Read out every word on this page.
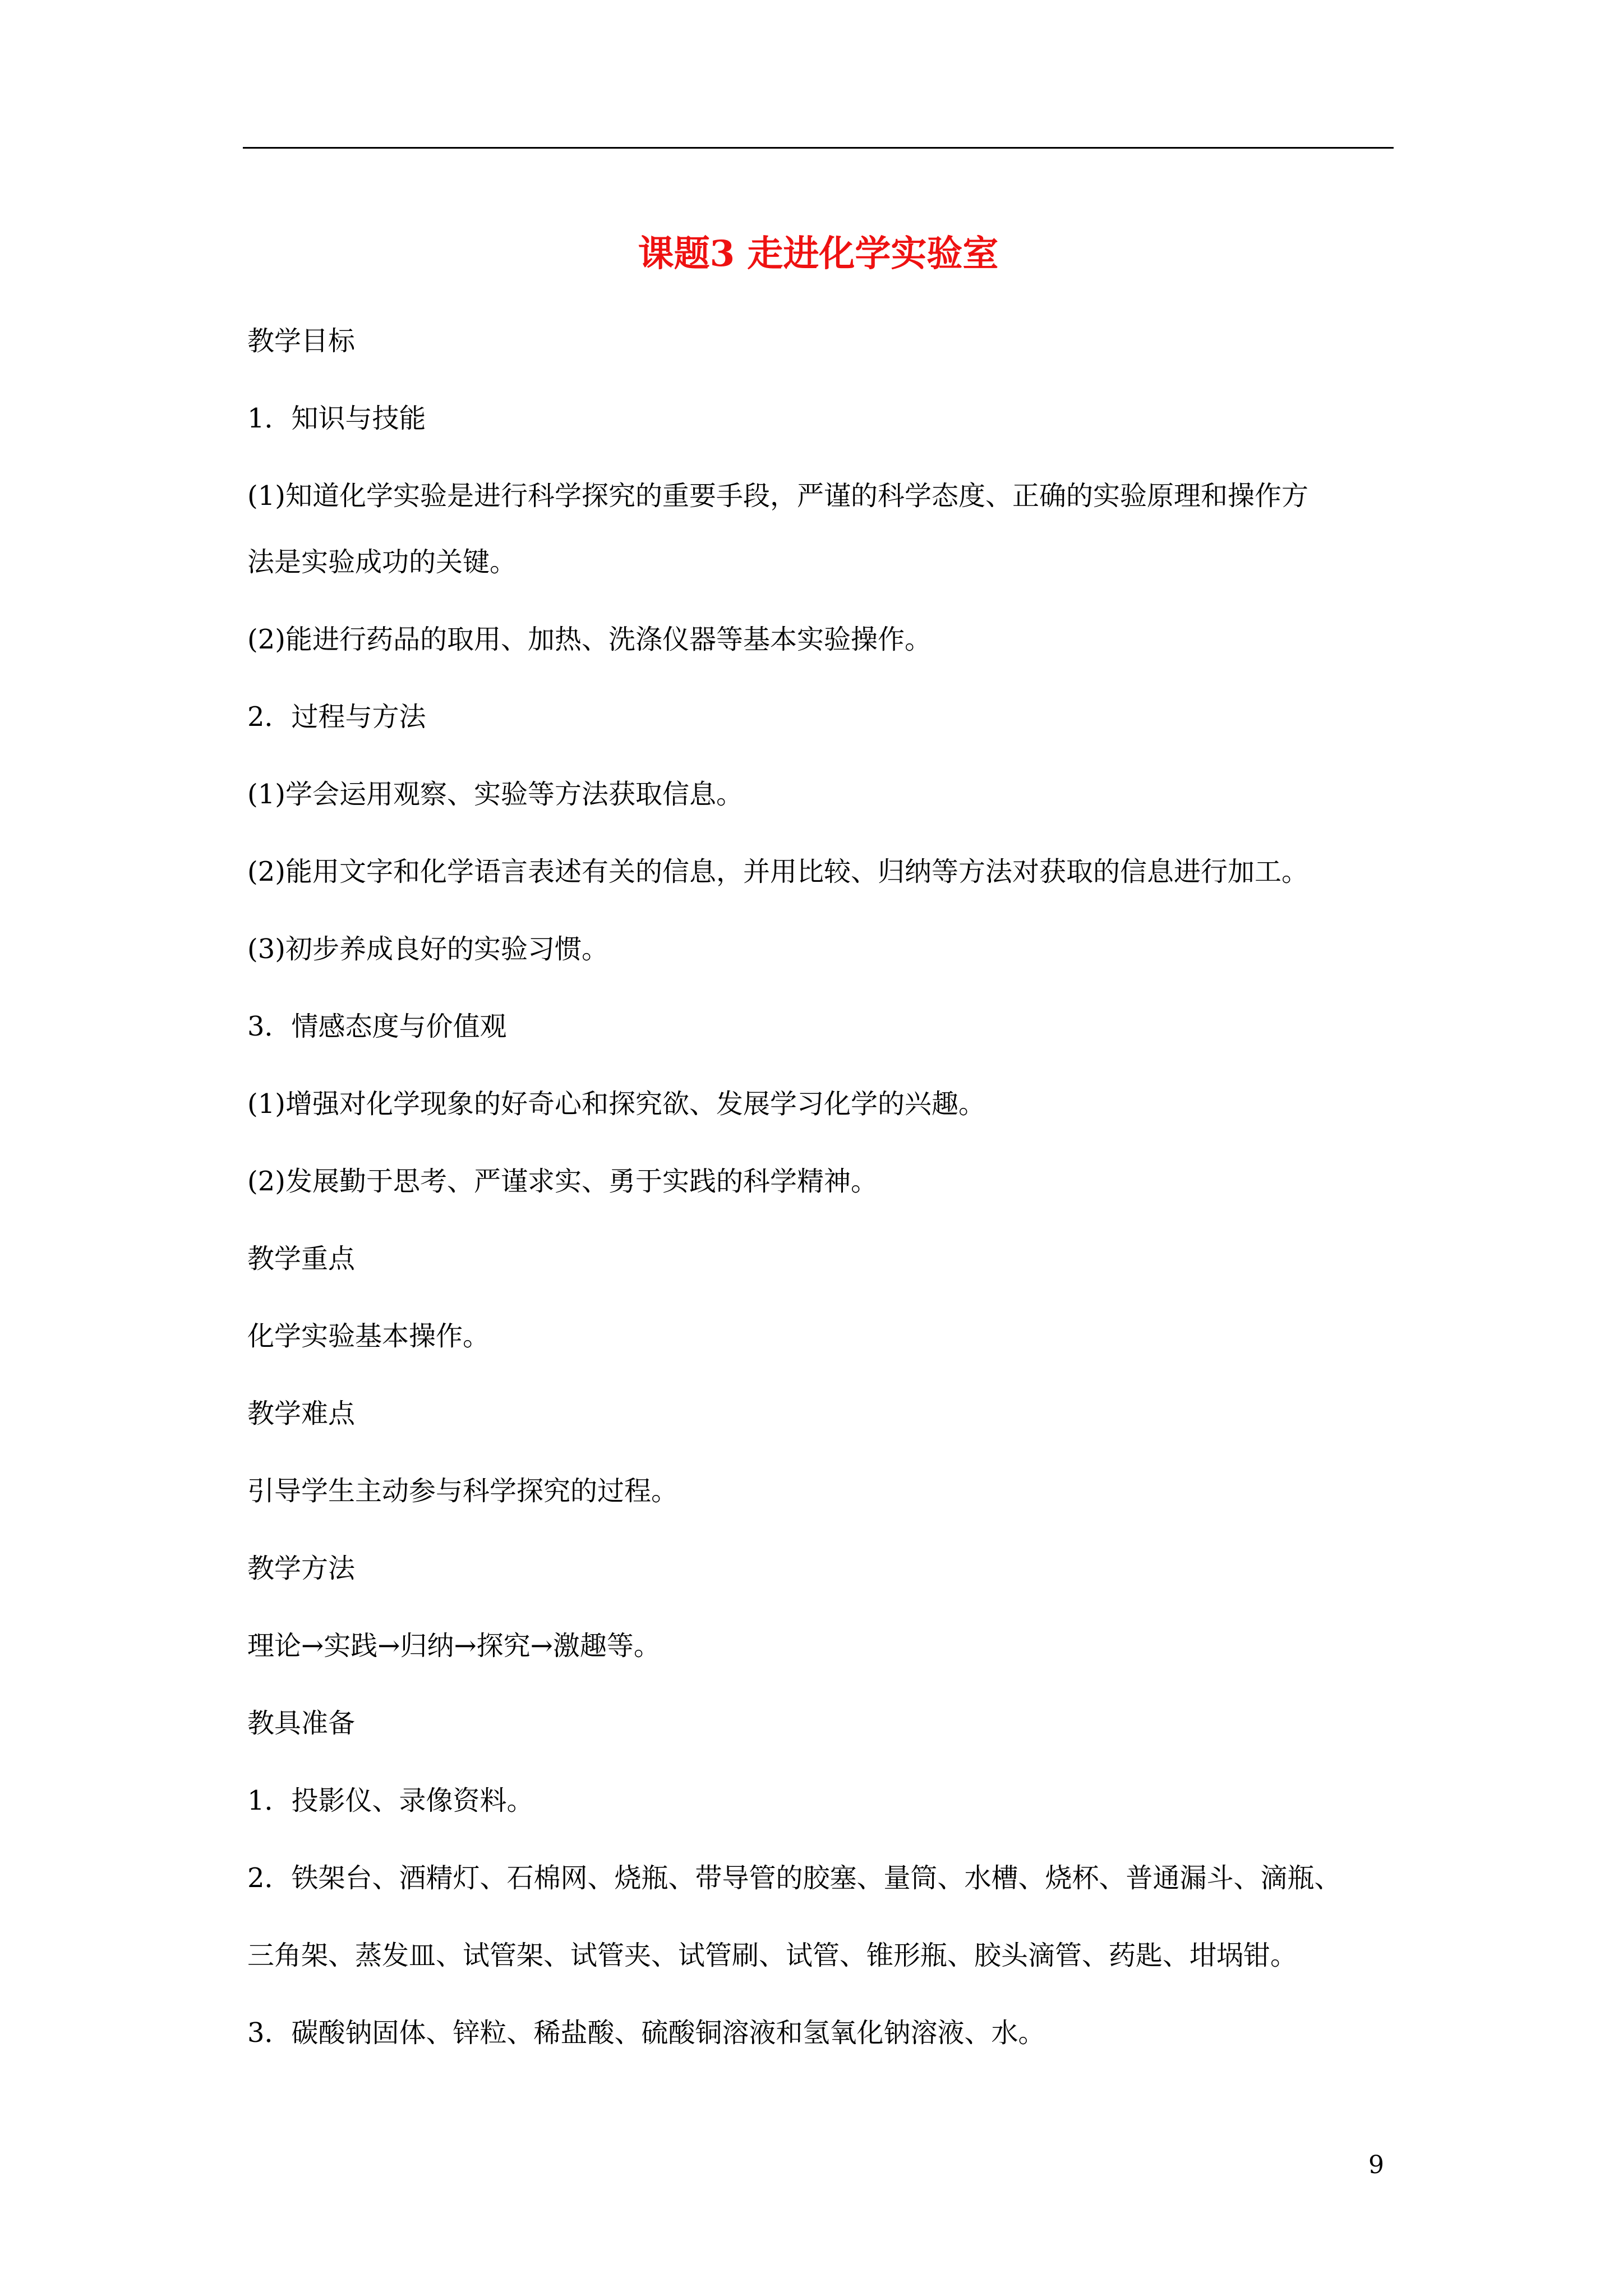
课题3 走进化学实验室

教学目标

1．知识与技能

(1)知道化学实验是进行科学探究的重要手段，严谨的科学态度、正确的实验原理和操作方

法是实验成功的关键。

(2)能进行药品的取用、加热、洗涤仪器等基本实验操作。

2．过程与方法

(1)学会运用观察、实验等方法获取信息。

(2)能用文字和化学语言表述有关的信息，并用比较、归纳等方法对获取的信息进行加工。

(3)初步养成良好的实验习惯。

3．情感态度与价值观

(1)增强对化学现象的好奇心和探究欲、发展学习化学的兴趣。

(2)发展勤于思考、严谨求实、勇于实践的科学精神。

教学重点

化学实验基本操作。

教学难点

引导学生主动参与科学探究的过程。

教学方法

理论→实践→归纳→探究→激趣等。

教具准备

1．投影仪、录像资料。

2．铁架台、酒精灯、石棉网、烧瓶、带导管的胶塞、量筒、水槽、烧杯、普通漏斗、滴瓶、

三角架、蒸发皿、试管架、试管夹、试管刷、试管、锥形瓶、胶头滴管、药匙、坩埚钳。

3．碳酸钠固体、锌粒、稀盐酸、硫酸铜溶液和氢氧化钠溶液、水。

9
